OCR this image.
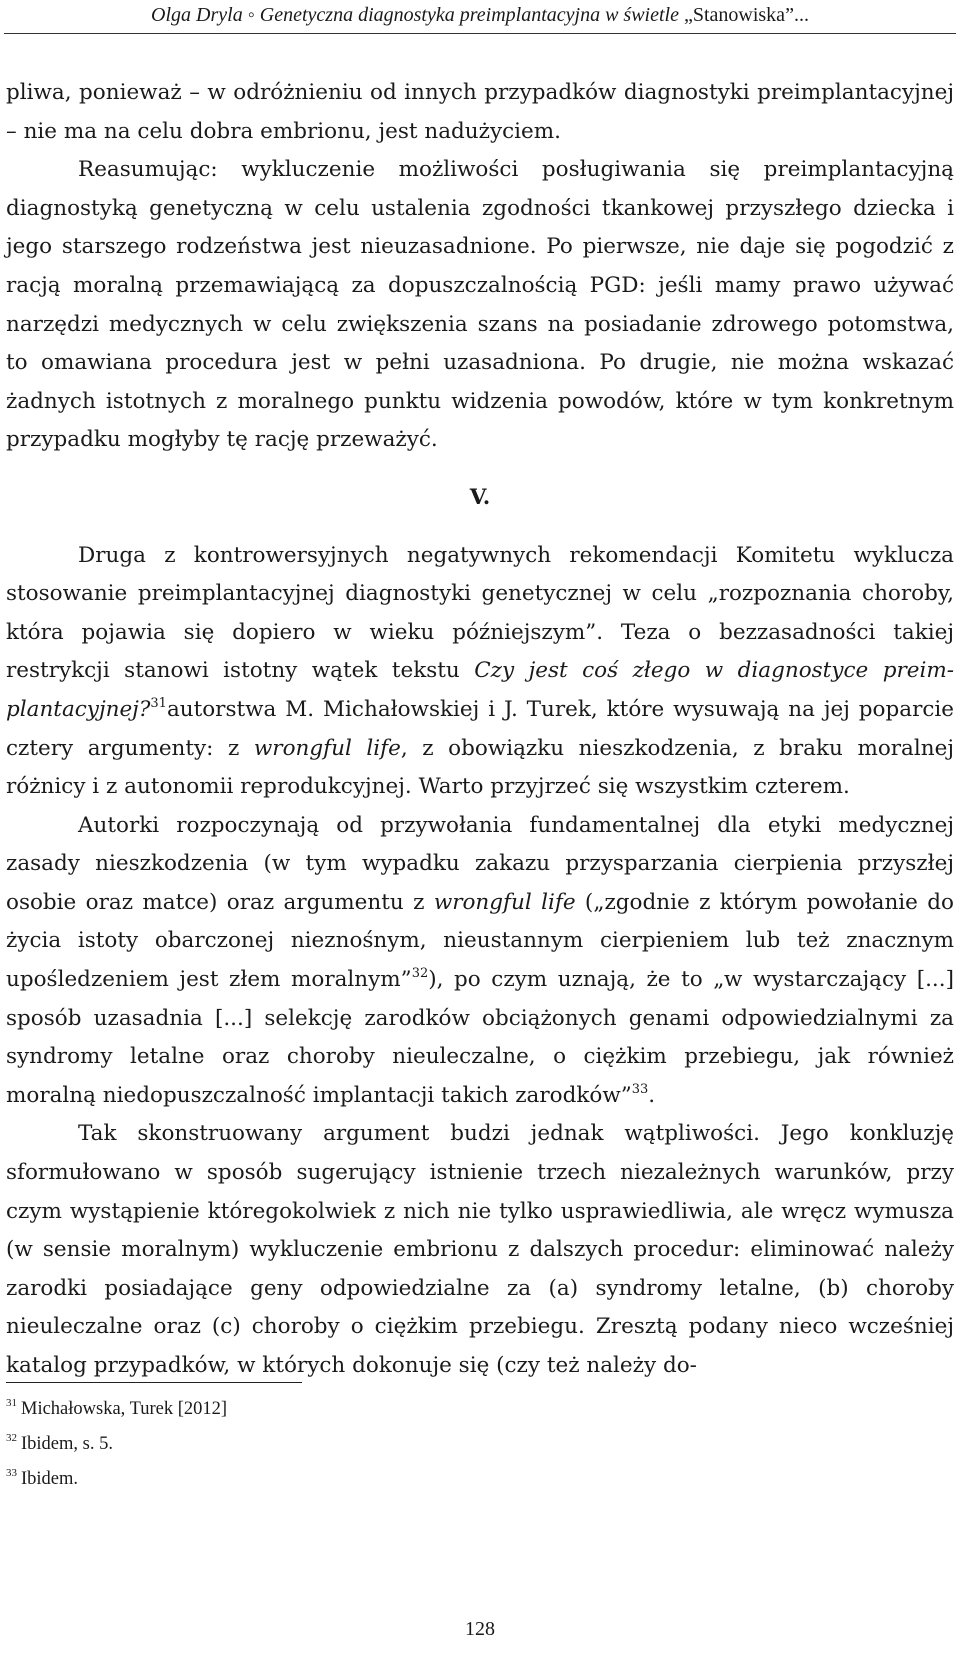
Olga Dryla ◦ Genetyczna diagnostyka preimplantacyjna w świetle „Stanowiska”...

pliwa, ponieważ – w odróżnieniu od innych przypadków diagnostyki preimplantacyjnej – nie ma na celu dobra embrionu, jest nadużyciem.

Reasumując: wykluczenie możliwości posługiwania się preimplantacyjną diagnostyką genetyczną w celu ustalenia zgodności tkankowej przyszłego dziecka i jego starszego rodzeństwa jest nieuzasadnione. Po pierwsze, nie daje się pogodzić z racją moralną przemawiającą za dopuszczalnością PGD: jeśli mamy prawo używać narzędzi medycznych w celu zwiększenia szans na posiadanie zdrowego potomstwa, to omawiana procedura jest w pełni uzasadniona. Po drugie, nie można wskazać żadnych istotnych z moralnego punktu widzenia powodów, które w tym konkretnym przypadku mogłyby tę rację przeważyć.

V.

Druga z kontrowersyjnych negatywnych rekomendacji Komitetu wyklucza stosowanie preimplantacyjnej diagnostyki genetycznej w celu „rozpoznania choroby, która pojawia się dopiero w wieku późniejszym”. Teza o bezzasadności takiej restrykcji stanowi istotny wątek tekstu Czy jest coś złego w diagnostyce preimplantacyjnej?$^{31}$autorstwa M. Michałowskiej i J. Turek, które wysuwają na jej poparcie cztery argumenty: z wrongful life, z obowiązku nieszkodzenia, z braku moralnej różnicy i z autonomii reprodukcyjnej. Warto przyjrzeć się wszystkim czterem.

Autorki rozpoczynają od przywołania fundamentalnej dla etyki medycznej zasady nieszkodzenia (w tym wypadku zakazu przysparzania cierpienia przyszłej osobie oraz matce) oraz argumentu z wrongful life („zgodnie z którym powołanie do życia istoty obarczonej nieznośnym, nieustannym cierpieniem lub też znacznym upośledzeniem jest złem moralnym”$^{32}$), po czym uznają, że to „w wystarczający [...] sposób uzasadnia [...] selekcję zarodków obciążonych genami odpowiedzialnymi za syndromy letalne oraz choroby nieuleczalne, o ciężkim przebiegu, jak również moralną niedopuszczalność implantacji takich zarodków”$^{33}$.

Tak skonstruowany argument budzi jednak wątpliwości. Jego konkluzję sformułowano w sposób sugerujący istnienie trzech niezależnych warunków, przy czym wystąpienie któregokolwiek z nich nie tylko usprawiedliwia, ale wręcz wymusza (w sensie moralnym) wykluczenie embrionu z dalszych procedur: eliminować należy zarodki posiadające geny odpowiedzialne za (a) syndromy letalne, (b) choroby nieuleczalne oraz (c) choroby o ciężkim przebiegu. Zresztą podany nieco wcześniej katalog przypadków, w których dokonuje się (czy też należy do-

$^{31}$ Michałowska, Turek [2012]

$^{32}$ Ibidem, s. 5.

$^{33}$ Ibidem.

128
